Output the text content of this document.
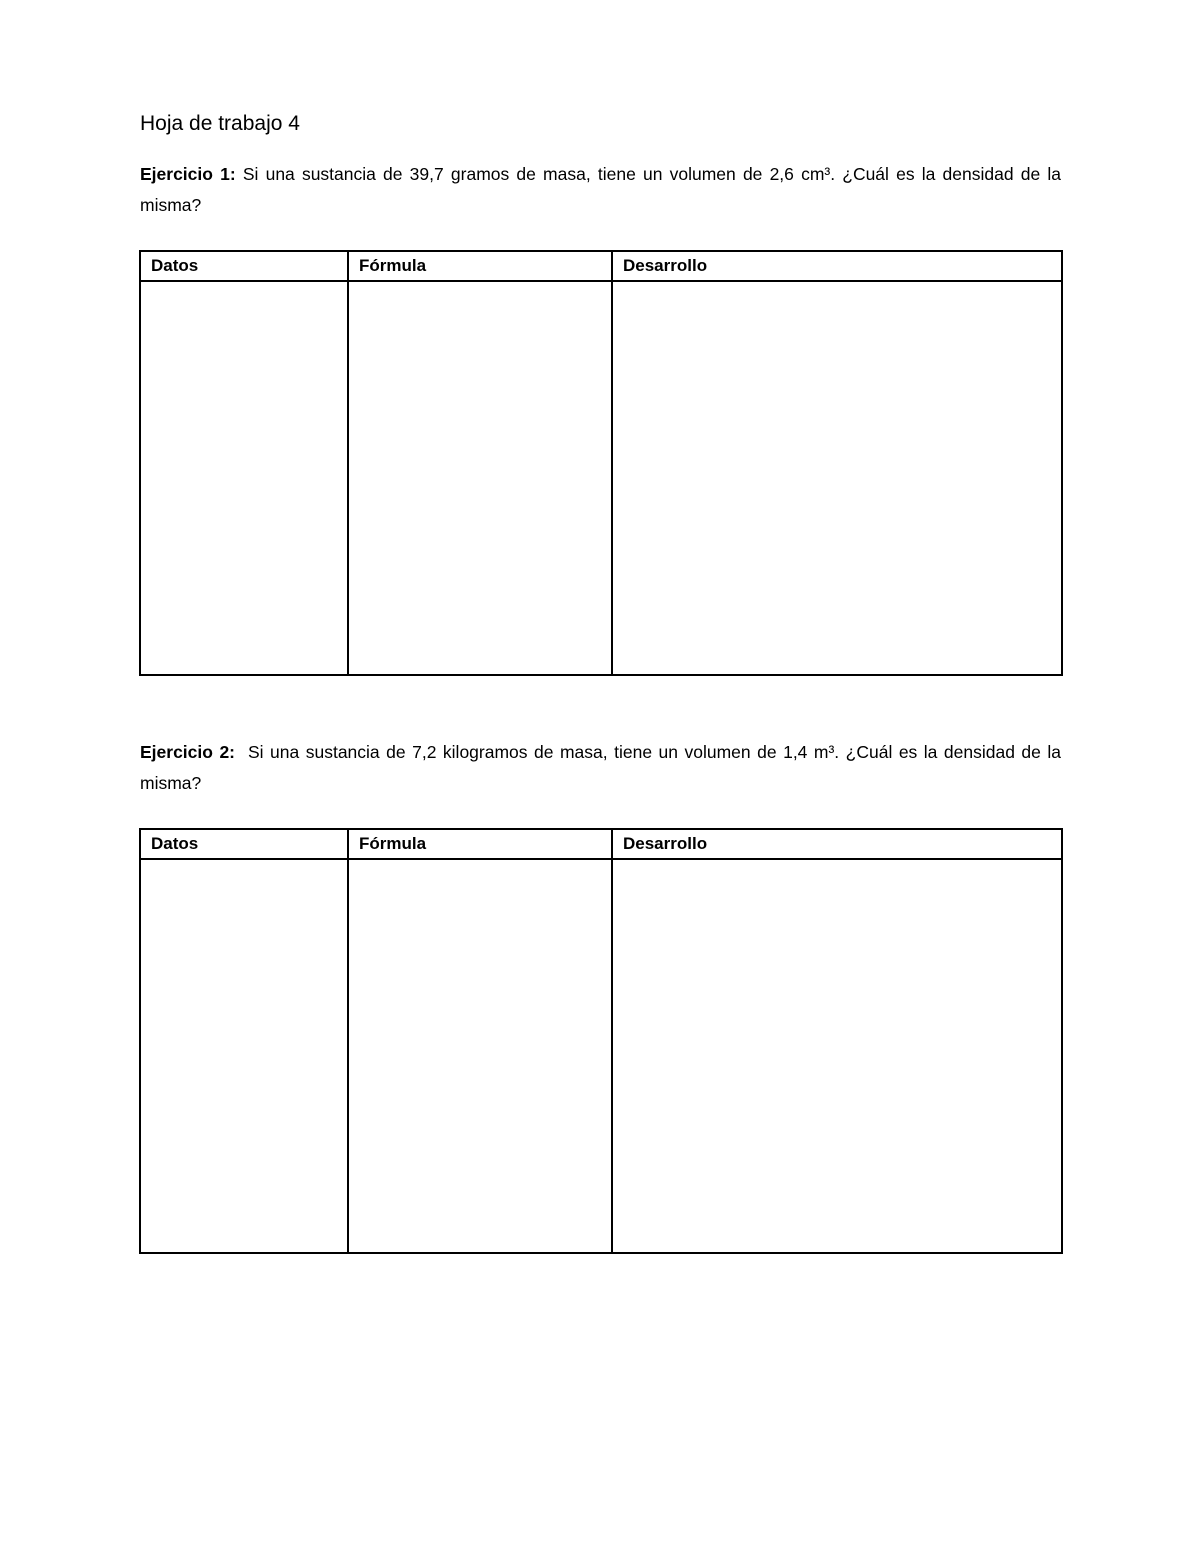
Hoja de trabajo 4

Ejercicio 1: Si una sustancia de 39,7 gramos de masa, tiene un volumen de 2,6 cm³. ¿Cuál es la densidad de la misma?

Datos	Fórmula	Desarrollo

Ejercicio 2:  Si una sustancia de 7,2 kilogramos de masa, tiene un volumen de 1,4 m³. ¿Cuál es la densidad de la misma?

Datos	Fórmula	Desarrollo
